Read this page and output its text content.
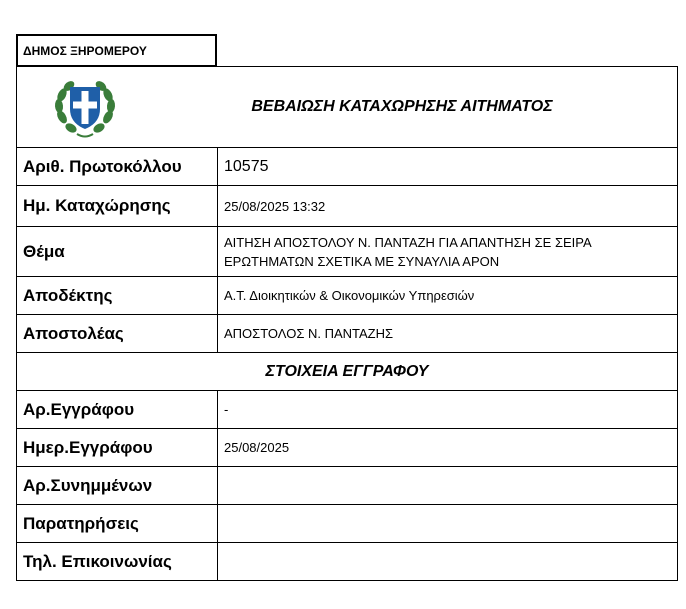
ΔΗΜΟΣ ΞΗΡΟΜΕΡΟΥ
ΒΕΒΑΙΩΣΗ ΚΑΤΑΧΩΡΗΣΗΣ ΑΙΤΗΜΑΤΟΣ	

Αριθ. Πρωτοκόλλου	10575
Ημ. Καταχώρησης	25/08/2025 13:32
Θέμα	ΑΙΤΗΣΗ ΑΠΟΣΤΟΛΟΥ Ν. ΠΑΝΤΑΖΗ ΓΙΑ ΑΠΑΝΤΗΣΗ ΣΕ ΣΕΙΡΑ
ΕΡΩΤΗΜΑΤΩΝ ΣΧΕΤΙΚΑ ΜΕ ΣΥΝΑΥΛΙΑ ΑΡΟΝ

Αποδέκτης	Α.Τ. Διοικητικών & Οικονομικών Υπηρεσιών
Αποστολέας	ΑΠΟΣΤΟΛΟΣ Ν. ΠΑΝΤΑΖΗΣ
ΣΤΟΙΧΕΙΑ ΕΓΓΡΑΦΟΥ	
Αρ.Εγγράφου	-
Ημερ.Εγγράφου	25/08/2025
Αρ.Συνημμένων	
Παρατηρήσεις	
Τηλ. Επικοινωνίας	
